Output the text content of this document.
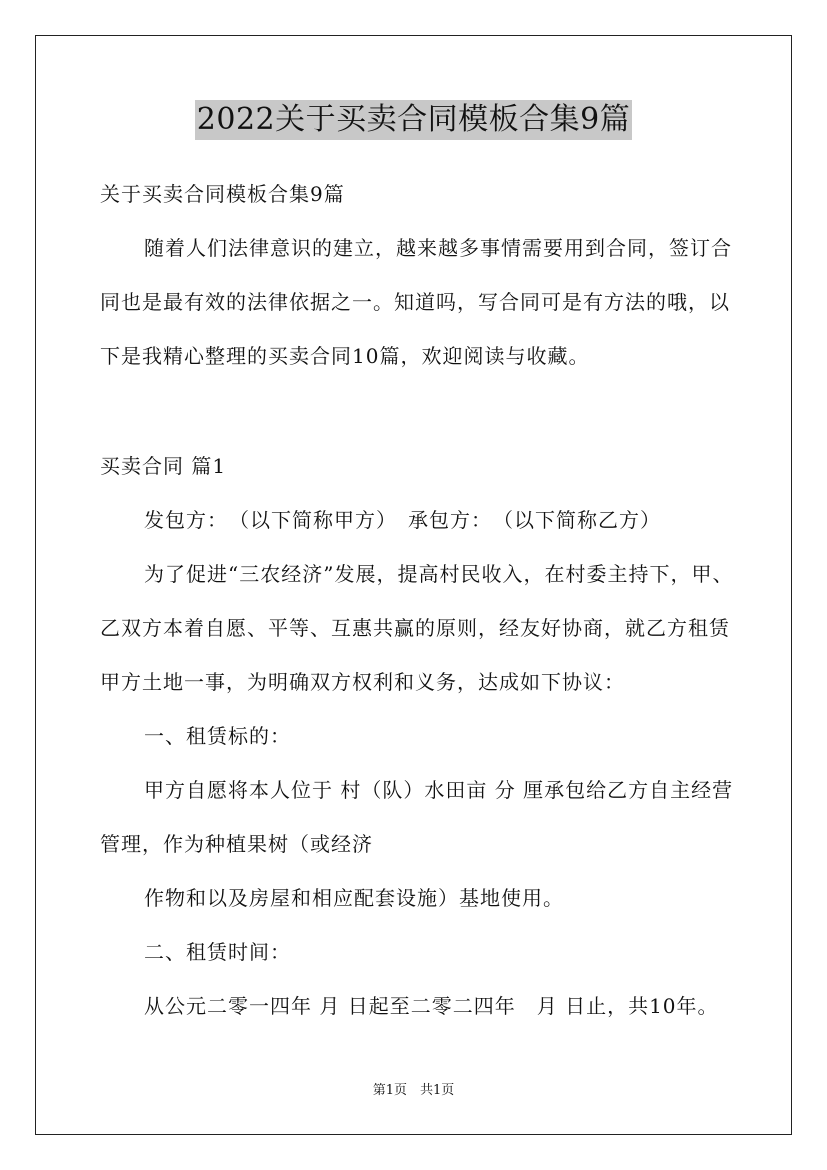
2022关于买卖合同模板合集9篇
关于买卖合同模板合集9篇
随着人们法律意识的建立，越来越多事情需要用到合同，签订合
同也是最有效的法律依据之一。知道吗，写合同可是有方法的哦，以
下是我精心整理的买卖合同10篇，欢迎阅读与收藏。
买卖合同 篇1
发包方：　（以下简称甲方）　承包方：　（以下简称乙方）
为了促进“三农经济”发展，提高村民收入，在村委主持下，甲、
乙双方本着自愿、平等、互惠共赢的原则，经友好协商，就乙方租赁
甲方土地一事，为明确双方权利和义务，达成如下协议：
一、租赁标的：
甲方自愿将本人位于 村（队）水田亩 分 厘承包给乙方自主经营
管理，作为种植果树（或经济
作物和以及房屋和相应配套设施）基地使用。
二、租赁时间：
从公元二零一四年 月 日起至二零二四年　月 日止，共10年。
第1页　共1页
